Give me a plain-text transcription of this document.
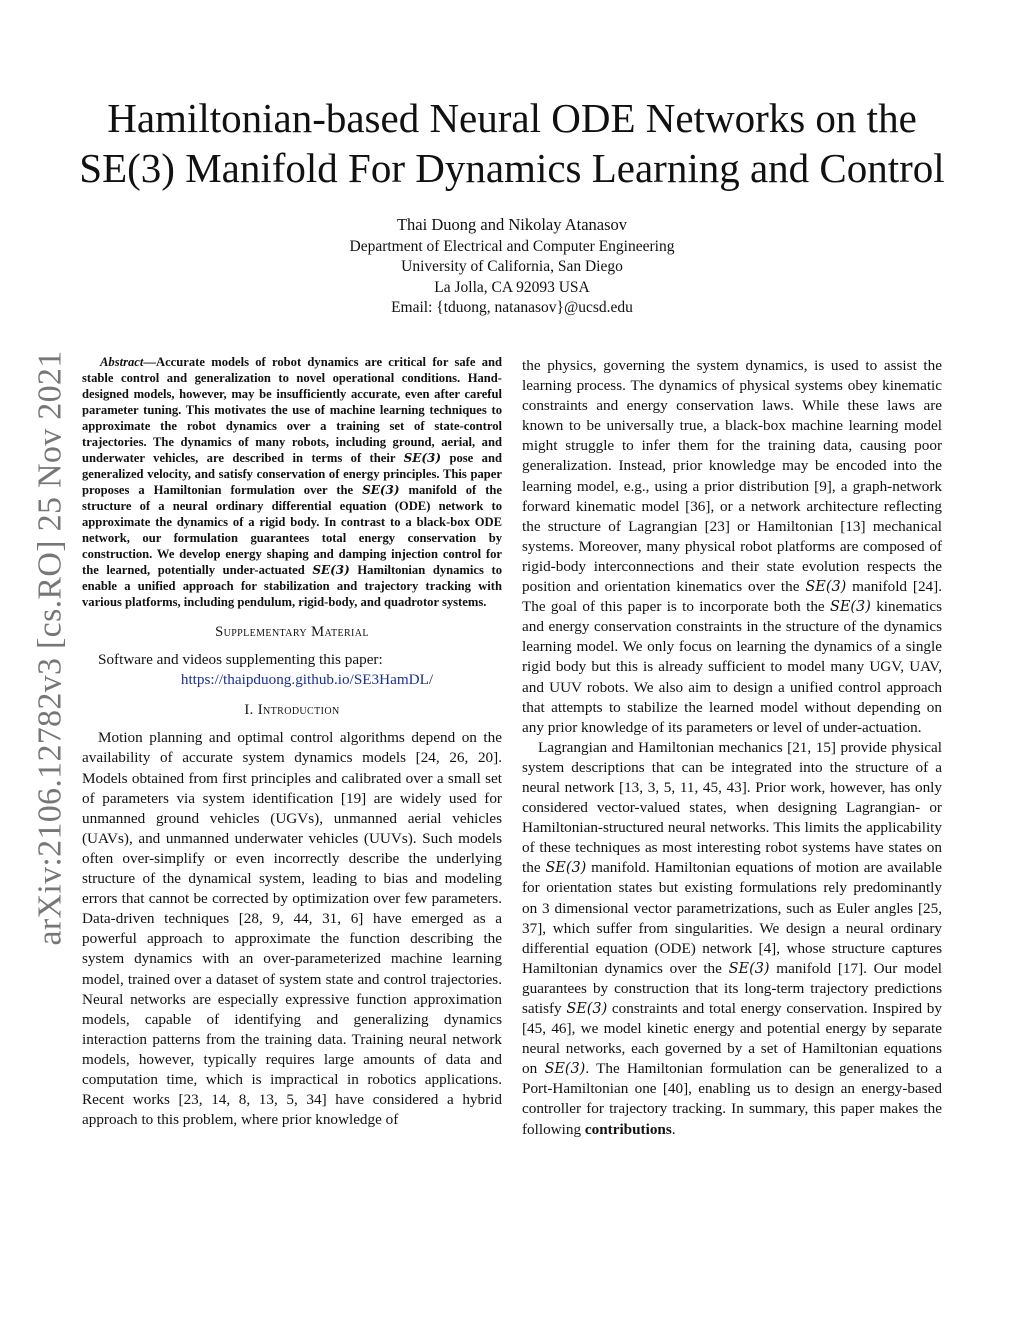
arXiv:2106.12782v3 [cs.RO] 25 Nov 2021
Hamiltonian-based Neural ODE Networks on the
SE(3) Manifold For Dynamics Learning and Control
Thai Duong and Nikolay Atanasov
Department of Electrical and Computer Engineering
University of California, San Diego
La Jolla, CA 92093 USA
Email: {tduong, natanasov}@ucsd.edu

Abstract—Accurate models of robot dynamics are critical for safe and stable control and generalization to novel operational conditions. Hand-designed models, however, may be insufficiently accurate, even after careful parameter tuning. This motivates the use of machine learning techniques to approximate the robot dynamics over a training set of state-control trajectories. The dynamics of many robots, including ground, aerial, and underwater vehicles, are described in terms of their SE(3) pose and generalized velocity, and satisfy conservation of energy principles. This paper proposes a Hamiltonian formulation over the SE(3) manifold of the structure of a neural ordinary differential equation (ODE) network to approximate the dynamics of a rigid body. In contrast to a black-box ODE network, our formulation guarantees total energy conservation by construction. We develop energy shaping and damping injection control for the learned, potentially under-actuated SE(3) Hamiltonian dynamics to enable a unified approach for stabilization and trajectory tracking with various platforms, including pendulum, rigid-body, and quadrotor systems.

Supplementary Material

Software and videos supplementing this paper:

https://thaipduong.github.io/SE3HamDL/

I. Introduction

Motion planning and optimal control algorithms depend on the availability of accurate system dynamics models [24, 26, 20]. Models obtained from first principles and calibrated over a small set of parameters via system identification [19] are widely used for unmanned ground vehicles (UGVs), unmanned aerial vehicles (UAVs), and unmanned underwater vehicles (UUVs). Such models often over-simplify or even incorrectly describe the underlying structure of the dynamical system, leading to bias and modeling errors that cannot be corrected by optimization over few parameters. Data-driven techniques [28, 9, 44, 31, 6] have emerged as a powerful approach to approximate the function describing the system dynamics with an over-parameterized machine learning model, trained over a dataset of system state and control trajectories. Neural networks are especially expressive function approximation models, capable of identifying and generalizing dynamics interaction patterns from the training data. Training neural network models, however, typically requires large amounts of data and computation time, which is impractical in robotics applications. Recent works [23, 14, 8, 13, 5, 34] have considered a hybrid approach to this problem, where prior knowledge of

the physics, governing the system dynamics, is used to assist the learning process. The dynamics of physical systems obey kinematic constraints and energy conservation laws. While these laws are known to be universally true, a black-box machine learning model might struggle to infer them for the training data, causing poor generalization. Instead, prior knowledge may be encoded into the learning model, e.g., using a prior distribution [9], a graph-network forward kinematic model [36], or a network architecture reflecting the structure of Lagrangian [23] or Hamiltonian [13] mechanical systems. Moreover, many physical robot platforms are composed of rigid-body interconnections and their state evolution respects the position and orientation kinematics over the SE(3) manifold [24]. The goal of this paper is to incorporate both the SE(3) kinematics and energy conservation constraints in the structure of the dynamics learning model. We only focus on learning the dynamics of a single rigid body but this is already sufficient to model many UGV, UAV, and UUV robots. We also aim to design a unified control approach that attempts to stabilize the learned model without depending on any prior knowledge of its parameters or level of under-actuation.

Lagrangian and Hamiltonian mechanics [21, 15] provide physical system descriptions that can be integrated into the structure of a neural network [13, 3, 5, 11, 45, 43]. Prior work, however, has only considered vector-valued states, when designing Lagrangian- or Hamiltonian-structured neural networks. This limits the applicability of these techniques as most interesting robot systems have states on the SE(3) manifold. Hamiltonian equations of motion are available for orientation states but existing formulations rely predominantly on 3 dimensional vector parametrizations, such as Euler angles [25, 37], which suffer from singularities. We design a neural ordinary differential equation (ODE) network [4], whose structure captures Hamiltonian dynamics over the SE(3) manifold [17]. Our model guarantees by construction that its long-term trajectory predictions satisfy SE(3) constraints and total energy conservation. Inspired by [45, 46], we model kinetic energy and potential energy by separate neural networks, each governed by a set of Hamiltonian equations on SE(3). The Hamiltonian formulation can be generalized to a Port-Hamiltonian one [40], enabling us to design an energy-based controller for trajectory tracking. In summary, this paper makes the following contributions.
